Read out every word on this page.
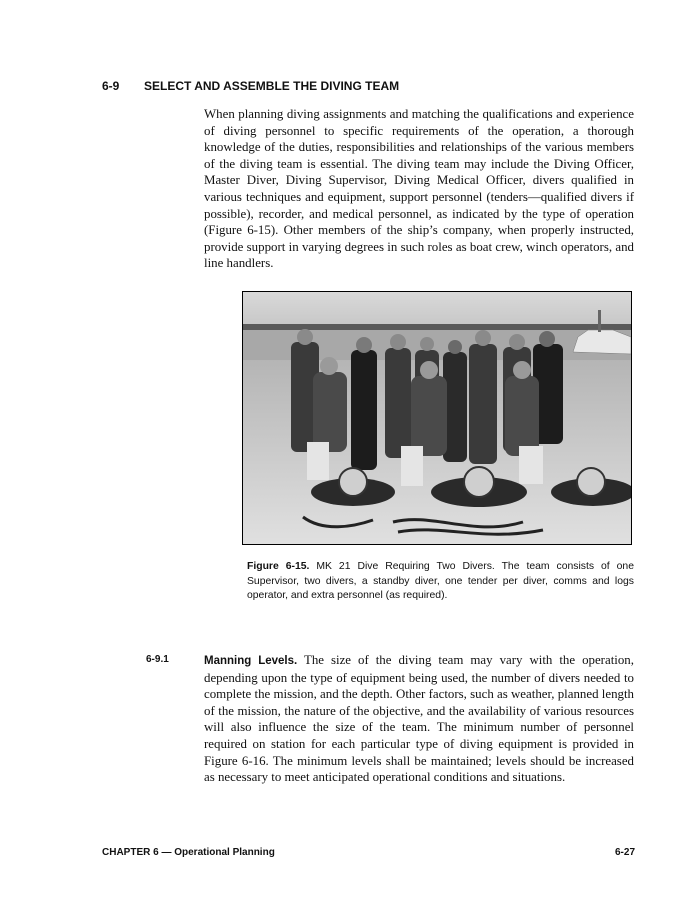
6-9 SELECT AND ASSEMBLE THE DIVING TEAM

When planning diving assignments and matching the qualifications and experience of diving personnel to specific requirements of the operation, a thorough knowledge of the duties, responsibilities and relationships of the various members of the diving team is essential. The diving team may include the Diving Officer, Master Diver, Diving Supervisor, Diving Medical Officer, divers qualified in various techniques and equipment, support personnel (tenders—qualified divers if possible), recorder, and medical personnel, as indicated by the type of operation (Figure 6-15). Other members of the ship’s company, when properly instructed, provide support in varying degrees in such roles as boat crew, winch operators, and line handlers.

Figure 6-15. MK 21 Dive Requiring Two Divers. The team consists of one Supervisor, two divers, a standby diver, one tender per diver, comms and logs operator, and extra personnel (as required).

6-9.1	Manning Levels. The size of the diving team may vary with the operation, depending upon the type of equipment being used, the number of divers needed to complete the mission, and the depth. Other factors, such as weather, planned length of the mission, the nature of the objective, and the availability of various resources will also influence the size of the team. The minimum number of personnel required on station for each particular type of diving equipment is provided in Figure 6-16. The minimum levels shall be maintained; levels should be increased as necessary to meet anticipated operational conditions and situations.

CHAPTER 6 — Operational Planning	6-27
